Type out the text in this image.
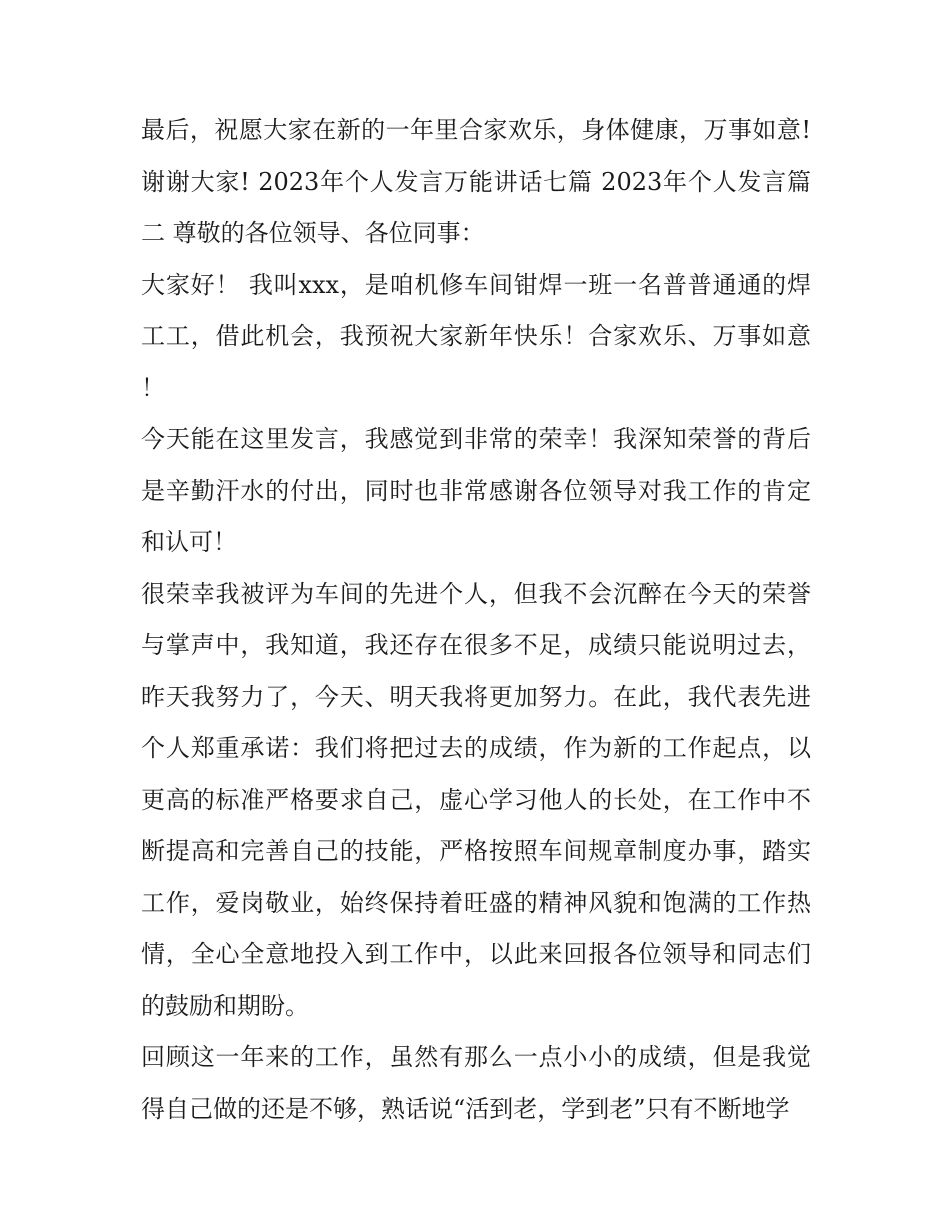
最后，祝愿大家在新的一年里合家欢乐，身体健康，万事如意! 谢谢大家! 2023年个人发言万能讲话七篇 2023年个人发言篇二 尊敬的各位领导、各位同事：

大家好！ 我叫xxx，是咱机修车间钳焊一班一名普普通通的焊工工，借此机会，我预祝大家新年快乐！合家欢乐、万事如意！

今天能在这里发言，我感觉到非常的荣幸！我深知荣誉的背后是辛勤汗水的付出，同时也非常感谢各位领导对我工作的肯定和认可！

很荣幸我被评为车间的先进个人，但我不会沉醉在今天的荣誉与掌声中，我知道，我还存在很多不足，成绩只能说明过去，昨天我努力了，今天、明天我将更加努力。在此，我代表先进个人郑重承诺：我们将把过去的成绩，作为新的工作起点，以更高的标准严格要求自己，虚心学习他人的长处，在工作中不断提高和完善自己的技能，严格按照车间规章制度办事，踏实工作，爱岗敬业，始终保持着旺盛的精神风貌和饱满的工作热情，全心全意地投入到工作中，以此来回报各位领导和同志们的鼓励和期盼。

回顾这一年来的工作，虽然有那么一点小小的成绩，但是我觉得自己做的还是不够，熟话说“活到老，学到老”只有不断地学
